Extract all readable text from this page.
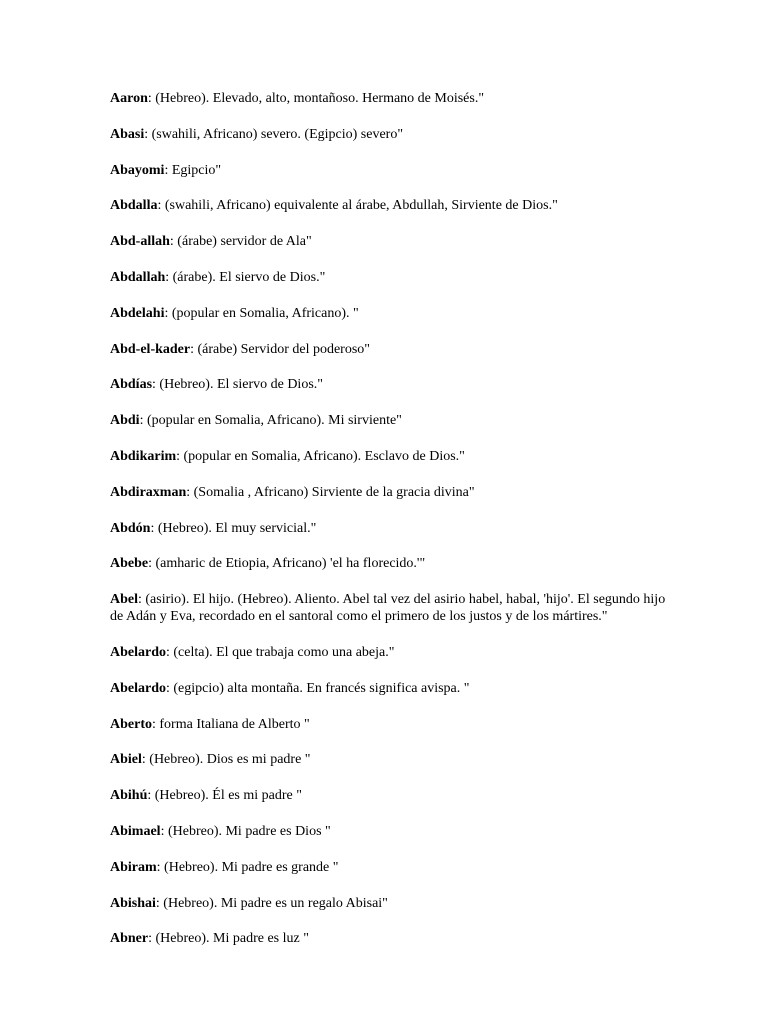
Aaron: (Hebreo). Elevado, alto, montañoso. Hermano de Moisés."

Abasi: (swahili, Africano) severo. (Egipcio) severo"

Abayomi: Egipcio"

Abdalla: (swahili, Africano) equivalente al árabe, Abdullah, Sirviente de Dios."

Abd-allah: (árabe) servidor de Ala"

Abdallah: (árabe). El siervo de Dios."

Abdelahi: (popular en Somalia, Africano). "

Abd-el-kader: (árabe) Servidor del poderoso"

Abdías: (Hebreo). El siervo de Dios."

Abdi: (popular en Somalia, Africano). Mi sirviente"

Abdikarim: (popular en Somalia, Africano). Esclavo de Dios."

Abdiraxman: (Somalia , Africano) Sirviente de la gracia divina"

Abdón: (Hebreo). El muy servicial."

Abebe: (amharic de Etiopia, Africano) 'el ha florecido.'"

Abel: (asirio). El hijo. (Hebreo). Aliento. Abel tal vez del asirio habel, habal, 'hijo'. El segundo hijo de Adán y Eva, recordado en el santoral como el primero de los justos y de los mártires."

Abelardo: (celta). El que trabaja como una abeja."

Abelardo: (egipcio) alta montaña. En francés significa avispa. "

Aberto: forma Italiana de Alberto "

Abiel: (Hebreo). Dios es mi padre "

Abihú: (Hebreo). Él es mi padre "

Abimael: (Hebreo). Mi padre es Dios "

Abiram: (Hebreo). Mi padre es grande "

Abishai: (Hebreo). Mi padre es un regalo Abisai"

Abner: (Hebreo). Mi padre es luz "
